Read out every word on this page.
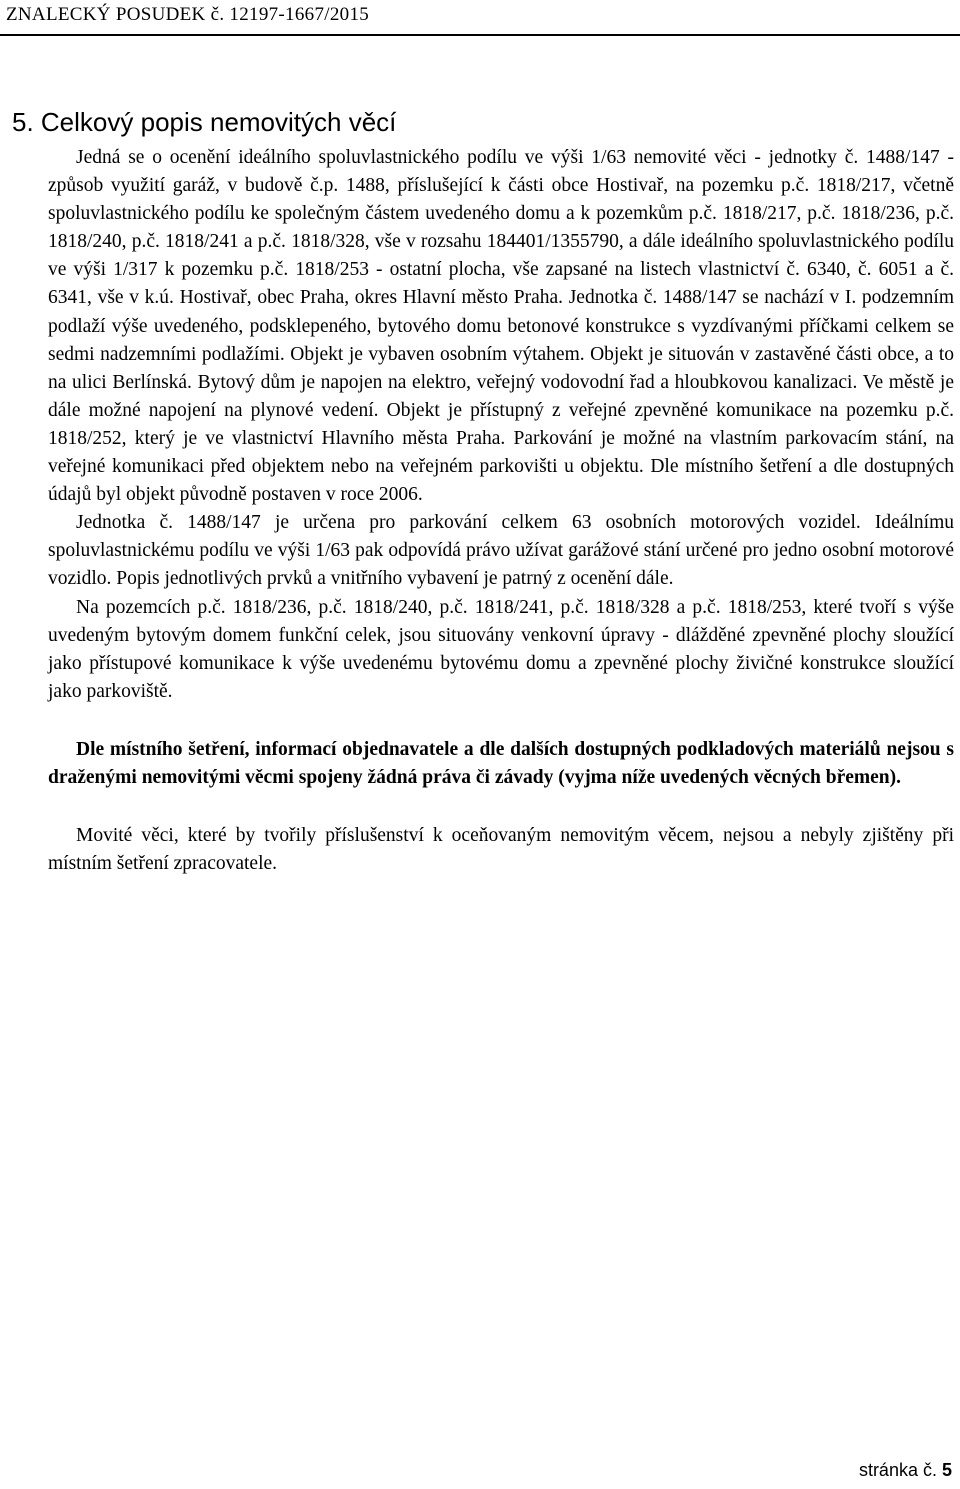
ZNALECKÝ POSUDEK č. 12197-1667/2015
5. Celkový popis nemovitých věcí

Jedná se o ocenění ideálního spoluvlastnického podílu ve výši 1/63 nemovité věci - jednotky č. 1488/147 - způsob využití garáž, v budově č.p. 1488, příslušející k části obce Hostivař, na pozemku p.č. 1818/217, včetně spoluvlastnického podílu ke společným částem uvedeného domu a k pozemkům p.č. 1818/217, p.č. 1818/236, p.č. 1818/240, p.č. 1818/241 a p.č. 1818/328, vše v rozsahu 184401/1355790, a dále ideálního spoluvlastnického podílu ve výši 1/317 k pozemku p.č. 1818/253 - ostatní plocha, vše zapsané na listech vlastnictví č. 6340, č. 6051 a č. 6341, vše v k.ú. Hostivař, obec Praha, okres Hlavní město Praha. Jednotka č. 1488/147 se nachází v I. podzemním podlaží výše uvedeného, podsklepeného, bytového domu betonové konstrukce s vyzdívanými příčkami celkem se sedmi nadzemními podlažími. Objekt je vybaven osobním výtahem. Objekt je situován v zastavěné části obce, a to na ulici Berlínská. Bytový dům je napojen na elektro, veřejný vodovodní řad a hloubkovou kanalizaci. Ve městě je dále možné napojení na plynové vedení. Objekt je přístupný z veřejné zpevněné komunikace na pozemku p.č. 1818/252, který je ve vlastnictví Hlavního města Praha. Parkování je možné na vlastním parkovacím stání, na veřejné komunikaci před objektem nebo na veřejném parkovišti u objektu. Dle místního šetření a dle dostupných údajů byl objekt původně postaven v roce 2006.

Jednotka č. 1488/147 je určena pro parkování celkem 63 osobních motorových vozidel. Ideálnímu spoluvlastnickému podílu ve výši 1/63 pak odpovídá právo užívat garážové stání určené pro jedno osobní motorové vozidlo. Popis jednotlivých prvků a vnitřního vybavení je patrný z ocenění dále.

Na pozemcích p.č. 1818/236, p.č. 1818/240, p.č. 1818/241, p.č. 1818/328 a p.č. 1818/253, které tvoří s výše uvedeným bytovým domem funkční celek, jsou situovány venkovní úpravy - dlážděné zpevněné plochy sloužící jako přístupové komunikace k výše uvedenému bytovému domu a zpevněné plochy živičné konstrukce sloužící jako parkoviště.

Dle místního šetření, informací objednavatele a dle dalších dostupných podkladových materiálů nejsou s draženými nemovitými věcmi spojeny žádná práva či závady (vyjma níže uvedených věcných břemen).

Movité věci, které by tvořily příslušenství k oceňovaným nemovitým věcem, nejsou a nebyly zjištěny při místním šetření zpracovatele.

stránka č. 5
